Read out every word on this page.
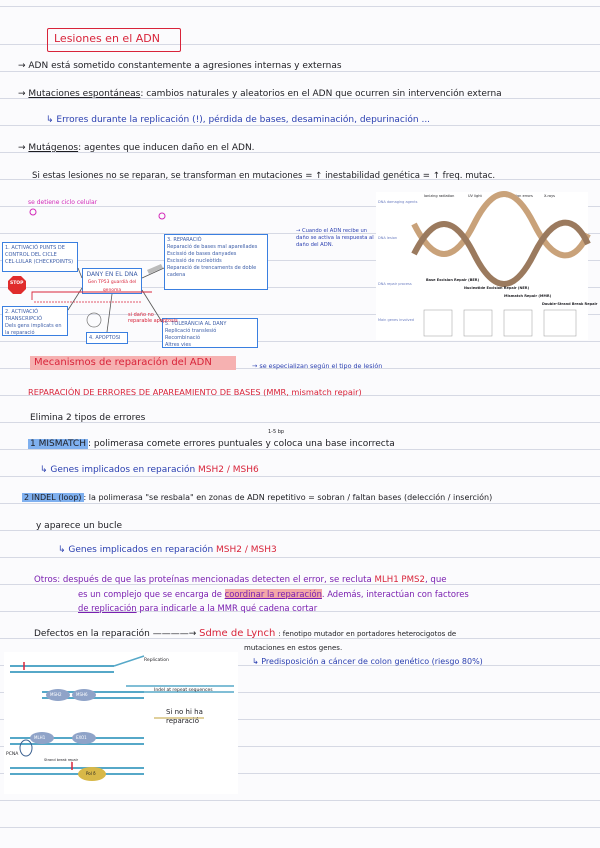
Lesiones en el ADN
→ ADN está sometido constantemente a agresiones internas y externas
→ Mutaciones espontáneas: cambios naturales y aleatorios en el ADN que ocurren sin intervención externa
↳ Errores durante la replicación (!), pérdida de bases, desaminación, depurinación ...
→ Mutágenos: agentes que inducen daño en el ADN.
Si estas lesiones no se reparan, se transforman en mutaciones = ↑ inestabilidad genética = ↑ freq. mutac.
se detiene ciclo celular
1. ACTIVACIÓ PUNTS DE CONTROL DEL CICLE CEL·LULAR (CHECKPOINTS)
3. REPARACIÓ
Reparació de bases mal aparellades
Escissió de bases danyades
Escissió de nucleòtids
Reparació de trencaments de doble cadena
DANY EN EL DNA
Gen TP53 guardià del genoma
2. ACTIVACIÓ TRANSCRIPCIÓ
Dels gens implicats en la reparació
4. APOPTOSI
5. TOLERÀNCIA AL DANY
Replicació translesió
Recombinació
Altres vies
STOP
si daño no reparable apoptosis
→ Cuando el ADN recibe un daño se activa la respuesta al daño del ADN.
DNA damaging agents
DNA lesion
DNA repair process
Main genes involved
Ionizing radiation	UV light	Replication errors	X-rays
Base Excision Repair (BER)
Nucleotide Excision Repair (NER)
Mismatch Repair (MMR)
Double-Strand Break Repair
Mecanismos de reparación del ADN	→ se especializan según el tipo de lesión
REPARACIÓN DE ERRORES DE APAREAMIENTO DE BASES (MMR, mismatch repair)
Elimina 2 tipos de errores
1-5 bp
1 MISMATCH : polimerasa comete errores puntuales y coloca una base incorrecta
↳ Genes implicados en reparación MSH2 / MSH6
2 INDEL (loop) : la polimerasa "se resbala" en zonas de ADN repetitivo = sobran / faltan bases (delección / inserción)
y aparece un bucle
↳ Genes implicados en reparación MSH2 / MSH3
Otros: después de que las proteínas mencionadas detecten el error, se recluta MLH1 PMS2, que
es un complejo que se encarga de coordinar la reparación. Además, interactúan con factores
de replicación para indicarle a la MMR qué cadena cortar
Defectos en la reparación ————→ Sdme de Lynch : fenotipo mutador en portadores heterocigotos de
mutaciones en estos genes.
↳ Predisposición a cáncer de colon genético (riesgo 80%)
Replication
Indel at repeat sequences
Si no hi ha reparació
MSH2	MSH6
MLH1	EXO1
PCNA
Pol δ
Strand break repair
